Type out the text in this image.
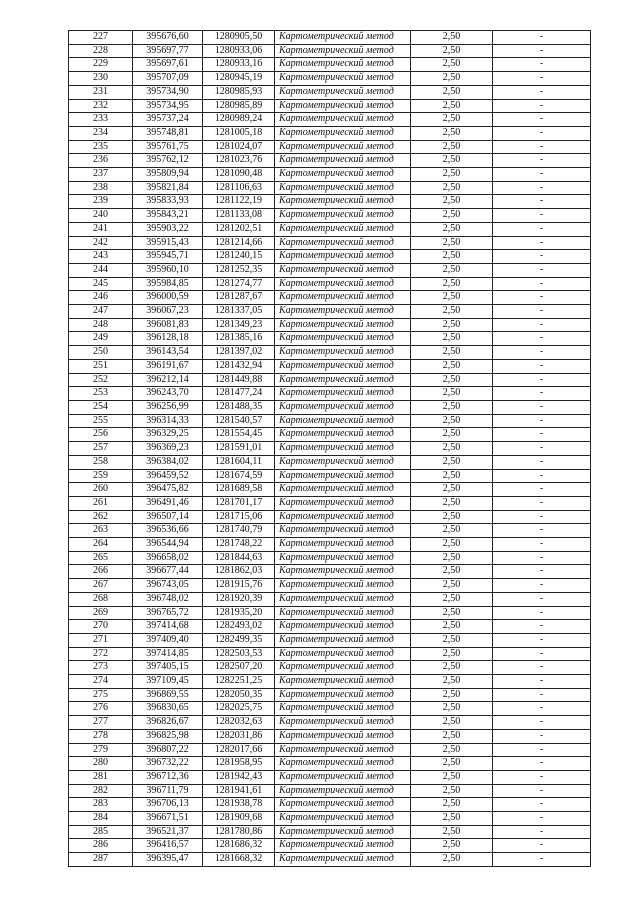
227	395676,60	1280905,50	Картометрический метод	2,50	-
228	395697,77	1280933,06	Картометрический метод	2,50	-
229	395697,61	1280933,16	Картометрический метод	2,50	-
230	395707,09	1280945,19	Картометрический метод	2,50	-
231	395734,90	1280985,93	Картометрический метод	2,50	-
232	395734,95	1280985,89	Картометрический метод	2,50	-
233	395737,24	1280989,24	Картометрический метод	2,50	-
234	395748,81	1281005,18	Картометрический метод	2,50	-
235	395761,75	1281024,07	Картометрический метод	2,50	-
236	395762,12	1281023,76	Картометрический метод	2,50	-
237	395809,94	1281090,48	Картометрический метод	2,50	-
238	395821,84	1281106,63	Картометрический метод	2,50	-
239	395833,93	1281122,19	Картометрический метод	2,50	-
240	395843,21	1281133,08	Картометрический метод	2,50	-
241	395903,22	1281202,51	Картометрический метод	2,50	-
242	395915,43	1281214,66	Картометрический метод	2,50	-
243	395945,71	1281240,15	Картометрический метод	2,50	-
244	395960,10	1281252,35	Картометрический метод	2,50	-
245	395984,85	1281274,77	Картометрический метод	2,50	-
246	396000,59	1281287,67	Картометрический метод	2,50	-
247	396067,23	1281337,05	Картометрический метод	2,50	-
248	396081,83	1281349,23	Картометрический метод	2,50	-
249	396128,18	1281385,16	Картометрический метод	2,50	-
250	396143,54	1281397,02	Картометрический метод	2,50	-
251	396191,67	1281432,94	Картометрический метод	2,50	-
252	396212,14	1281449,88	Картометрический метод	2,50	-
253	396243,70	1281477,24	Картометрический метод	2,50	-
254	396256,99	1281488,35	Картометрический метод	2,50	-
255	396314,33	1281540,57	Картометрический метод	2,50	-
256	396329,25	1281554,45	Картометрический метод	2,50	-
257	396369,23	1281591,01	Картометрический метод	2,50	-
258	396384,02	1281604,11	Картометрический метод	2,50	-
259	396459,52	1281674,59	Картометрический метод	2,50	-
260	396475,82	1281689,58	Картометрический метод	2,50	-
261	396491,46	1281701,17	Картометрический метод	2,50	-
262	396507,14	1281715,06	Картометрический метод	2,50	-
263	396536,66	1281740,79	Картометрический метод	2,50	-
264	396544,94	1281748,22	Картометрический метод	2,50	-
265	396658,02	1281844,63	Картометрический метод	2,50	-
266	396677,44	1281862,03	Картометрический метод	2,50	-
267	396743,05	1281915,76	Картометрический метод	2,50	-
268	396748,02	1281920,39	Картометрический метод	2,50	-
269	396765,72	1281935,20	Картометрический метод	2,50	-
270	397414,68	1282493,02	Картометрический метод	2,50	-
271	397409,40	1282499,35	Картометрический метод	2,50	-
272	397414,85	1282503,53	Картометрический метод	2,50	-
273	397405,15	1282507,20	Картометрический метод	2,50	-
274	397109,45	1282251,25	Картометрический метод	2,50	-
275	396869,55	1282050,35	Картометрический метод	2,50	-
276	396830,65	1282025,75	Картометрический метод	2,50	-
277	396826,67	1282032,63	Картометрический метод	2,50	-
278	396825,98	1282031,86	Картометрический метод	2,50	-
279	396807,22	1282017,66	Картометрический метод	2,50	-
280	396732,22	1281958,95	Картометрический метод	2,50	-
281	396712,36	1281942,43	Картометрический метод	2,50	-
282	396711,79	1281941,61	Картометрический метод	2,50	-
283	396706,13	1281938,78	Картометрический метод	2,50	-
284	396671,51	1281909,68	Картометрический метод	2,50	-
285	396521,37	1281780,86	Картометрический метод	2,50	-
286	396416,57	1281686,32	Картометрический метод	2,50	-
287	396395,47	1281668,32	Картометрический метод	2,50	-
